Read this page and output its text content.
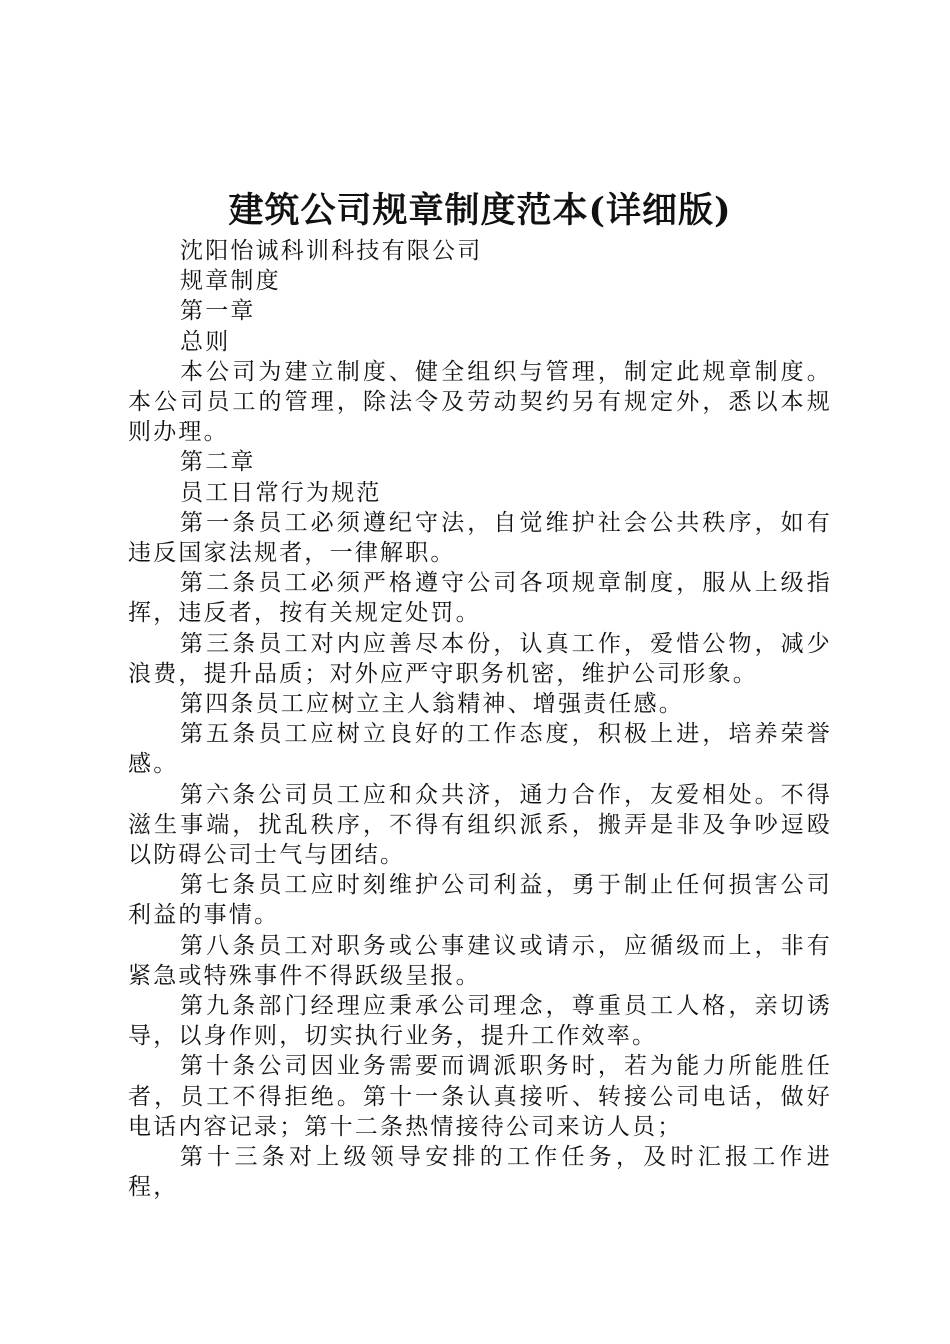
建筑公司规章制度范本(详细版)

沈阳怡诚科训科技有限公司

规章制度

第一章

总则

本公司为建立制度、健全组织与管理，制定此规章制度。本公司员工的管理，除法令及劳动契约另有规定外，悉以本规则办理。

第二章

员工日常行为规范

第一条员工必须遵纪守法，自觉维护社会公共秩序，如有违反国家法规者，一律解职。

第二条员工必须严格遵守公司各项规章制度，服从上级指挥，违反者，按有关规定处罚。

第三条员工对内应善尽本份，认真工作，爱惜公物，减少浪费，提升品质；对外应严守职务机密，维护公司形象。

第四条员工应树立主人翁精神、增强责任感。

第五条员工应树立良好的工作态度，积极上进，培养荣誉感。

第六条公司员工应和众共济，通力合作，友爱相处。不得滋生事端，扰乱秩序，不得有组织派系，搬弄是非及争吵逗殴以防碍公司士气与团结。

第七条员工应时刻维护公司利益，勇于制止任何损害公司利益的事情。

第八条员工对职务或公事建议或请示，应循级而上，非有紧急或特殊事件不得跃级呈报。

第九条部门经理应秉承公司理念，尊重员工人格，亲切诱导，以身作则，切实执行业务，提升工作效率。

第十条公司因业务需要而调派职务时，若为能力所能胜任者，员工不得拒绝。第十一条认真接听、转接公司电话，做好电话内容记录；第十二条热情接待公司来访人员；

第十三条对上级领导安排的工作任务，及时汇报工作进程，
